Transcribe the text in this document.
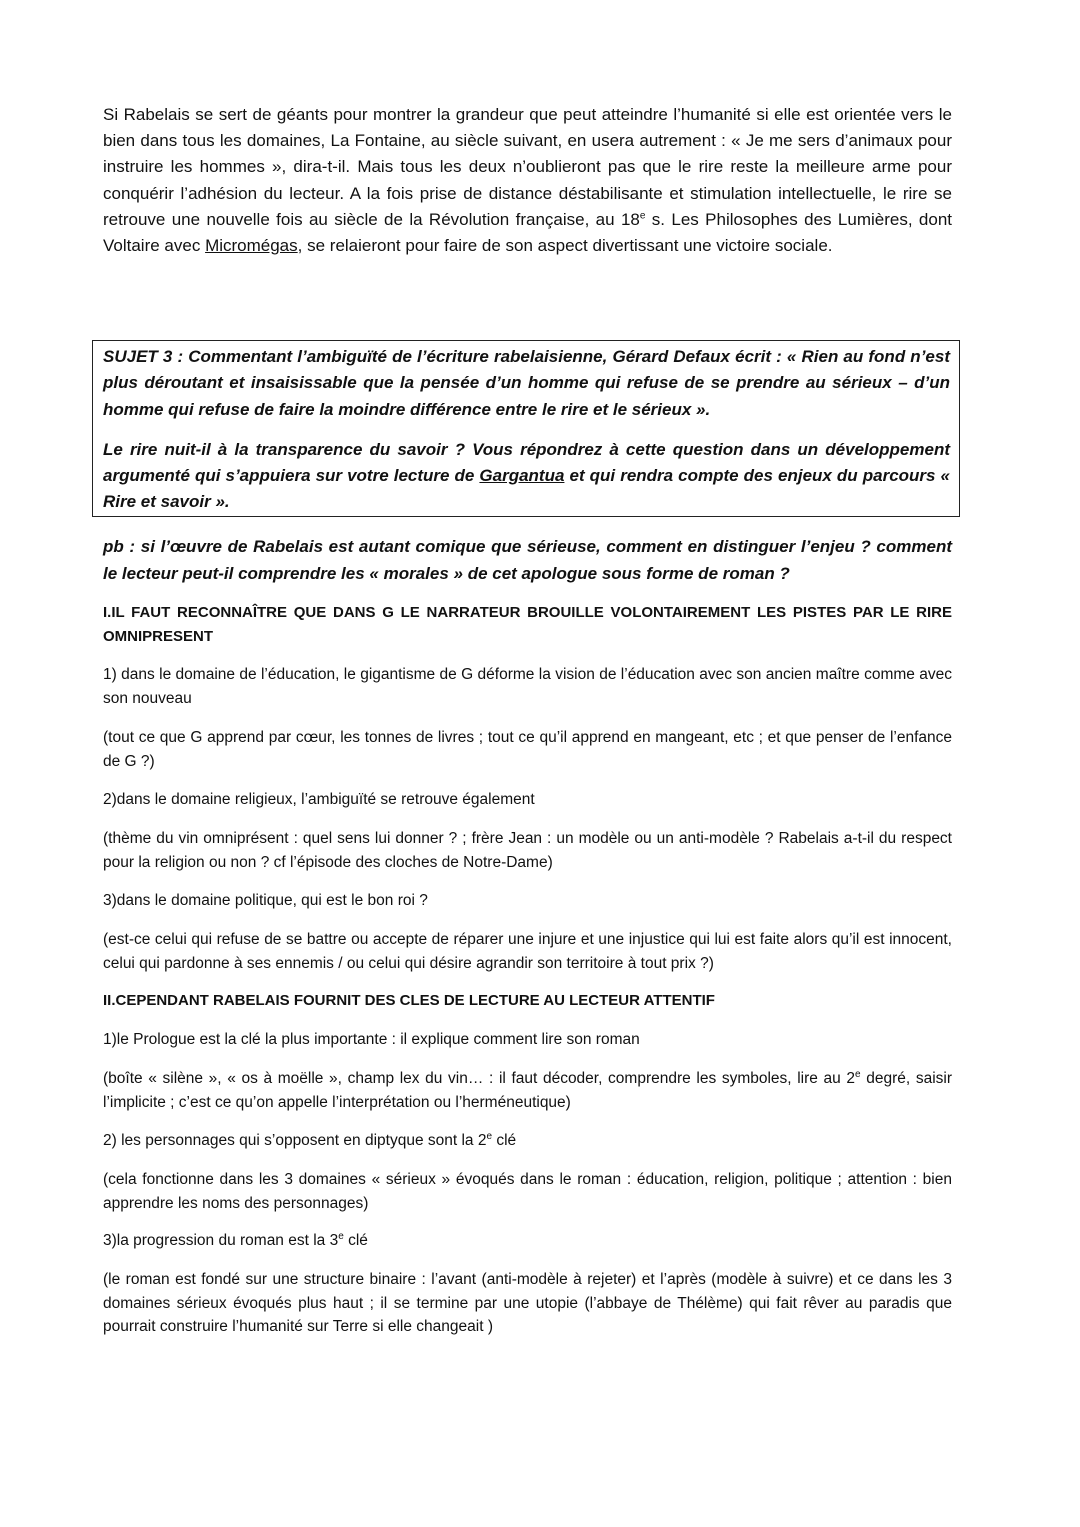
Si Rabelais se sert de géants pour montrer la grandeur que peut atteindre l’humanité si elle est orientée vers le bien dans tous les domaines, La Fontaine, au siècle suivant, en usera autrement : « Je me sers d’animaux pour instruire les hommes », dira-t-il. Mais tous les deux n’oublieront pas que le rire reste la meilleure arme pour conquérir l’adhésion du lecteur. A la fois prise de distance déstabilisante et stimulation intellectuelle, le rire se retrouve une nouvelle fois au siècle de la Révolution française, au 18e s. Les Philosophes des Lumières, dont Voltaire avec Micromégas, se relaieront pour faire de son aspect divertissant une victoire sociale.

SUJET 3 : Commentant l’ambiguïté de l’écriture rabelaisienne, Gérard Defaux écrit : « Rien au fond n’est plus déroutant et insaisissable que la pensée d’un homme qui refuse de se prendre au sérieux – d’un homme qui refuse de faire la moindre différence entre le rire et le sérieux ».

Le rire nuit-il à la transparence du savoir ? Vous répondrez à cette question dans un développement argumenté qui s’appuiera sur votre lecture de Gargantua et qui rendra compte des enjeux du parcours « Rire et savoir ».

pb : si l’œuvre de Rabelais est autant comique que sérieuse, comment en distinguer l’enjeu ? comment le lecteur peut-il comprendre les « morales » de cet apologue sous forme de roman ?

I.IL FAUT RECONNAÎTRE QUE DANS G LE NARRATEUR BROUILLE VOLONTAIREMENT LES PISTES PAR LE RIRE OMNIPRESENT

1) dans le domaine de l’éducation, le gigantisme de G déforme la vision de l’éducation avec son ancien maître comme avec son nouveau

(tout ce que G apprend par cœur, les tonnes de livres ; tout ce qu’il apprend en mangeant, etc ; et que penser de l’enfance de G ?)

2)dans le domaine religieux, l’ambiguïté se retrouve également

(thème du vin omniprésent : quel sens lui donner ? ; frère Jean : un modèle ou un anti-modèle ? Rabelais a-t-il du respect pour la religion ou non ? cf l’épisode des cloches de Notre-Dame)

3)dans le domaine politique, qui est le bon roi ?

(est-ce celui qui refuse de se battre ou accepte de réparer une injure et une injustice qui lui est faite alors qu’il est innocent, celui qui pardonne à ses ennemis / ou celui qui désire agrandir son territoire à tout prix ?)

II.CEPENDANT RABELAIS FOURNIT DES CLES DE LECTURE AU LECTEUR ATTENTIF

1)le Prologue est la clé la plus importante : il explique comment lire son roman

(boîte « silène », « os à moëlle », champ lex du vin… : il faut décoder, comprendre les symboles, lire au 2e degré, saisir l’implicite ; c’est ce qu’on appelle l’interprétation ou l’herméneutique)

2) les personnages qui s’opposent en diptyque sont la 2e clé

(cela fonctionne dans les 3 domaines « sérieux » évoqués dans le roman : éducation, religion, politique ; attention : bien apprendre les noms des personnages)

3)la progression du roman est la 3e clé

(le roman est fondé sur une structure binaire : l’avant (anti-modèle à rejeter) et l’après (modèle à suivre) et ce dans les 3 domaines sérieux évoqués plus haut ; il se termine par une utopie (l’abbaye de Thélème) qui fait rêver au paradis que pourrait construire l’humanité sur Terre si elle changeait )
